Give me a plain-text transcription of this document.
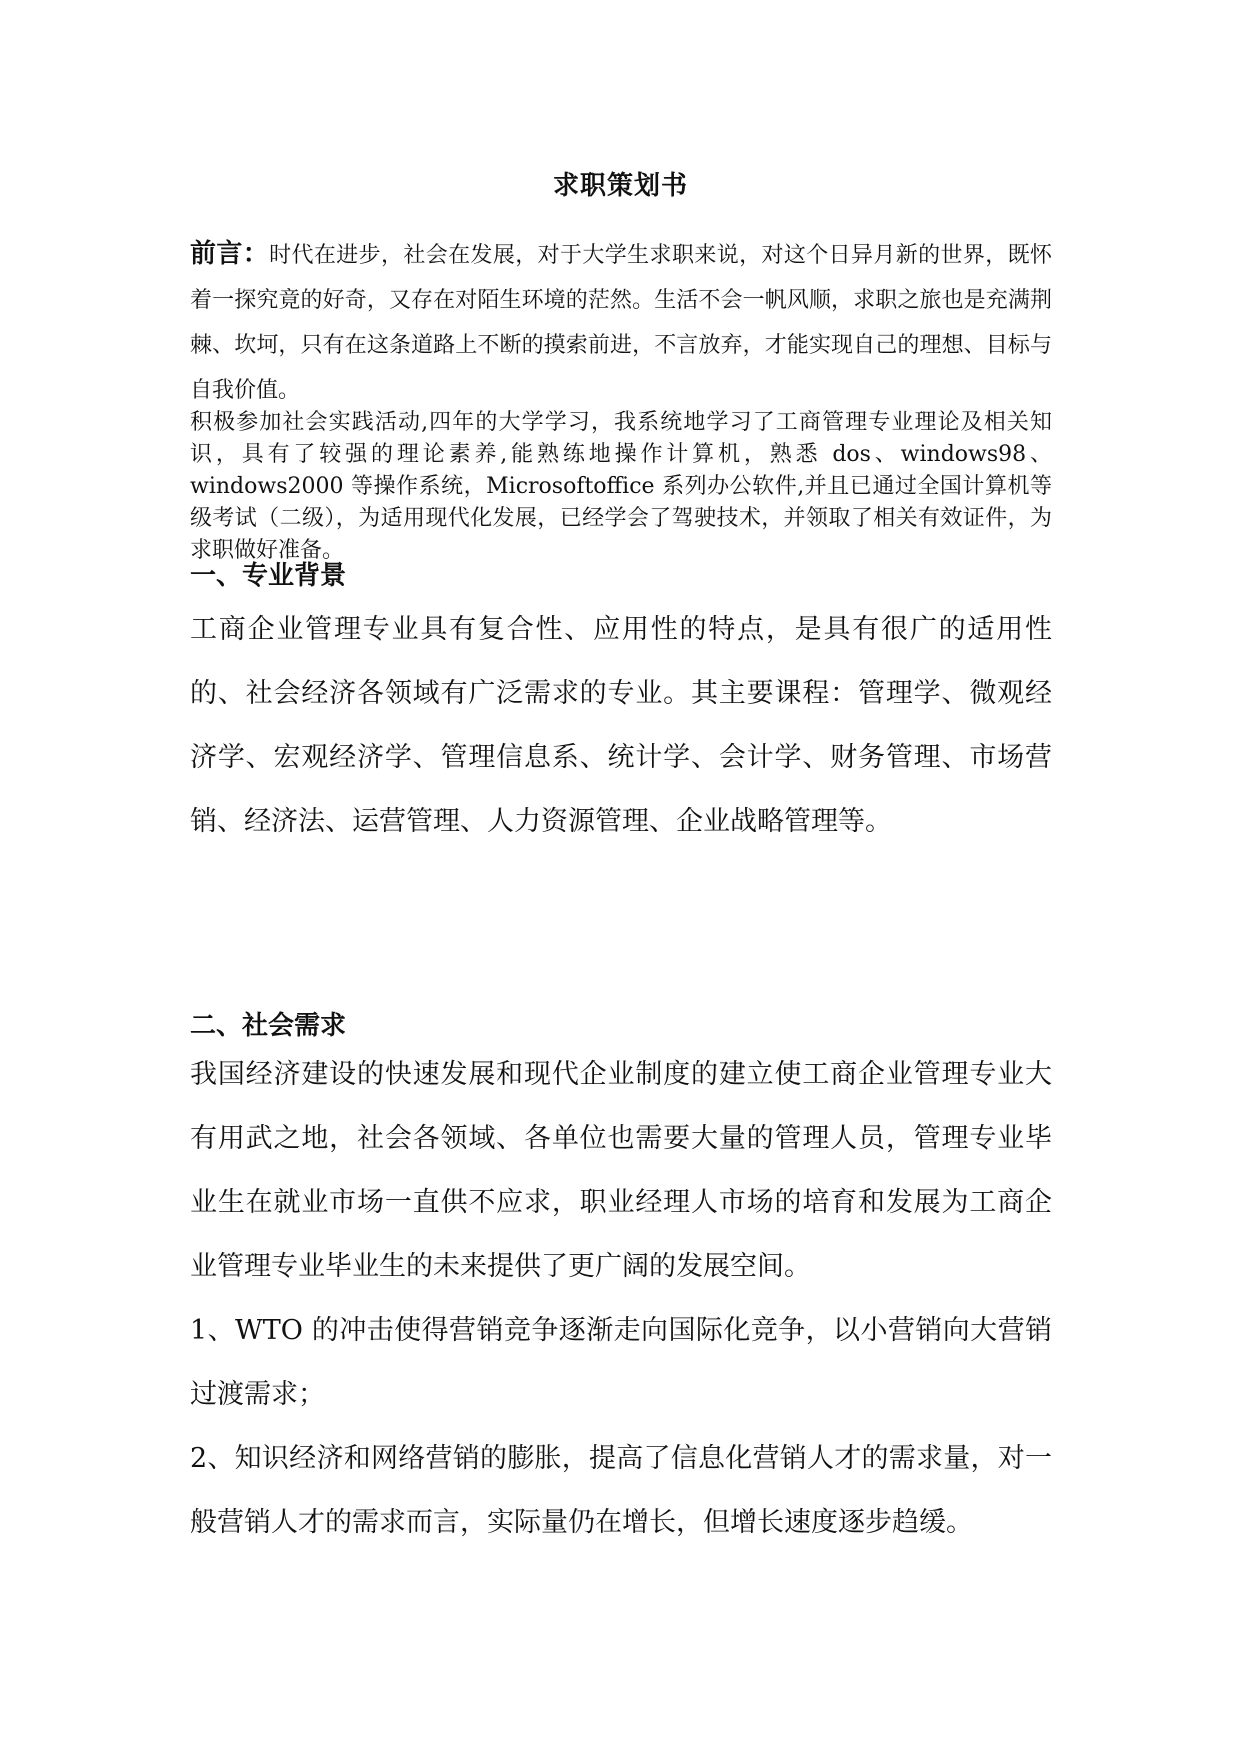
求职策划书

前言：时代在进步，社会在发展，对于大学生求职来说，对这个日异月新的世界，既怀着一探究竟的好奇，又存在对陌生环境的茫然。生活不会一帆风顺，求职之旅也是充满荆棘、坎坷，只有在这条道路上不断的摸索前进，不言放弃，才能实现自己的理想、目标与自我价值。

积极参加社会实践活动,四年的大学学习，我系统地学习了工商管理专业理论及相关知识，具有了较强的理论素养,能熟练地操作计算机，熟悉 dos、windows98、windows2000 等操作系统，Microsoftoffice 系列办公软件,并且已通过全国计算机等级考试（二级），为适用现代化发展，已经学会了驾驶技术，并领取了相关有效证件，为求职做好准备。

一、专业背景

工商企业管理专业具有复合性、应用性的特点，是具有很广的适用性的、社会经济各领域有广泛需求的专业。其主要课程：管理学、微观经济学、宏观经济学、管理信息系、统计学、会计学、财务管理、市场营销、经济法、运营管理、人力资源管理、企业战略管理等。

二、社会需求

我国经济建设的快速发展和现代企业制度的建立使工商企业管理专业大有用武之地，社会各领域、各单位也需要大量的管理人员，管理专业毕业生在就业市场一直供不应求，职业经理人市场的培育和发展为工商企业管理专业毕业生的未来提供了更广阔的发展空间。

1、WTO 的冲击使得营销竞争逐渐走向国际化竞争，以小营销向大营销过渡需求；

2、知识经济和网络营销的膨胀，提高了信息化营销人才的需求量，对一般营销人才的需求而言，实际量仍在增长，但增长速度逐步趋缓。
